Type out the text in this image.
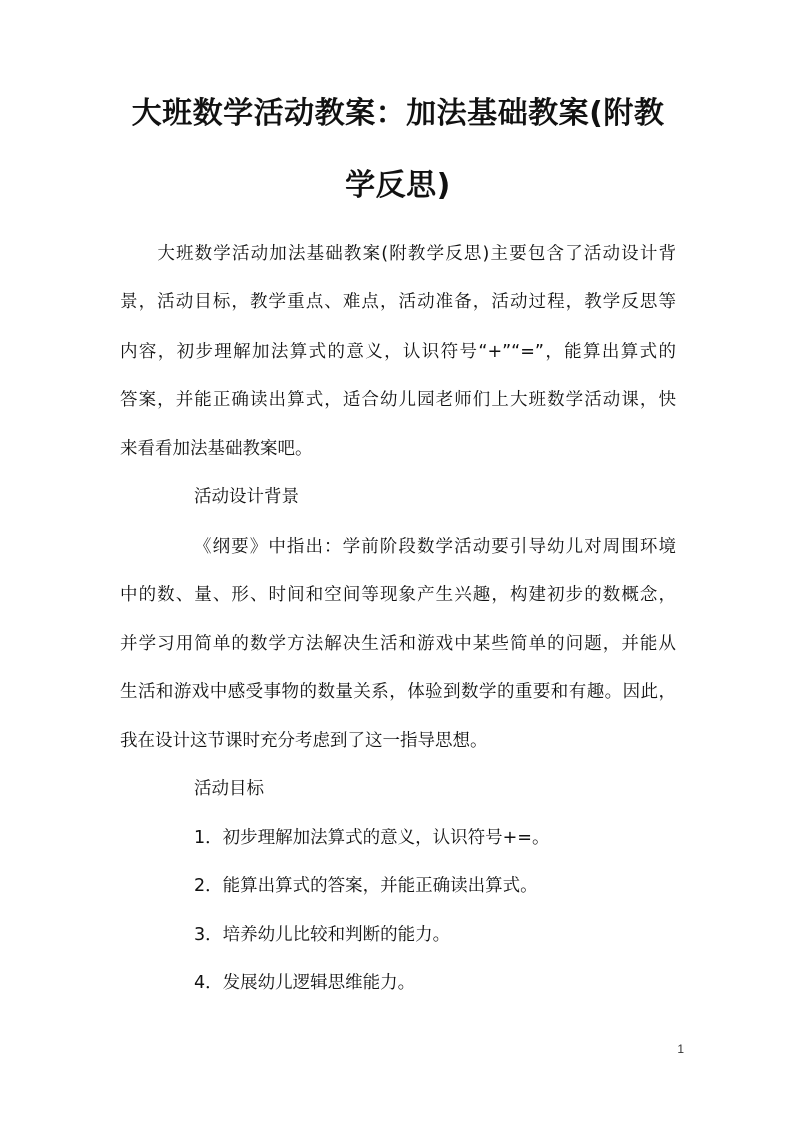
大班数学活动教案：加法基础教案(附教
学反思)
　　大班数学活动加法基础教案(附教学反思)主要包含了活动设计背
景，活动目标，教学重点、难点，活动准备，活动过程，教学反思等
内容，初步理解加法算式的意义，认识符号“+”“=”，能算出算式的
答案，并能正确读出算式，适合幼儿园老师们上大班数学活动课，快
来看看加法基础教案吧。
活动设计背景
《纲要》中指出：学前阶段数学活动要引导幼儿对周围环境
中的数、量、形、时间和空间等现象产生兴趣，构建初步的数概念，
并学习用简单的数学方法解决生活和游戏中某些简单的问题，并能从
生活和游戏中感受事物的数量关系，体验到数学的重要和有趣。因此，
我在设计这节课时充分考虑到了这一指导思想。
活动目标
1．初步理解加法算式的意义，认识符号+=。
2．能算出算式的答案，并能正确读出算式。
3．培养幼儿比较和判断的能力。
4．发展幼儿逻辑思维能力。
1
